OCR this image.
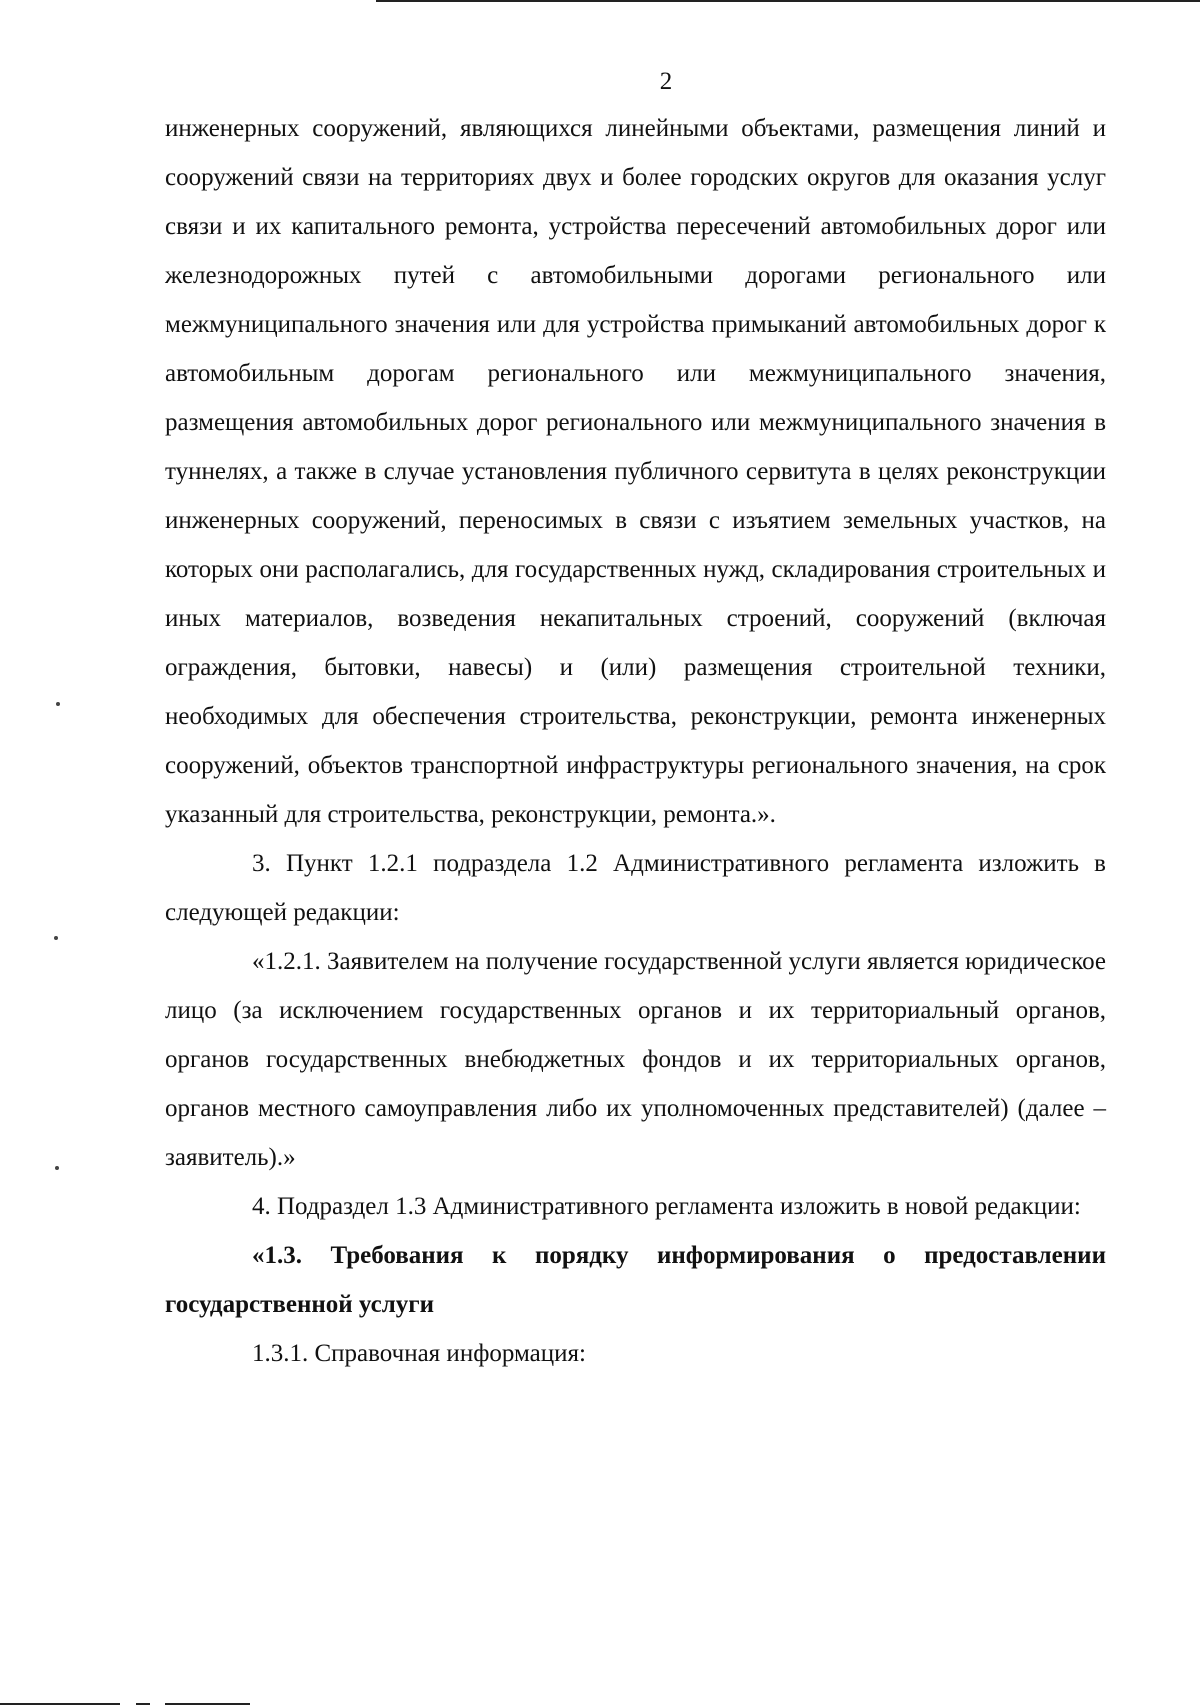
2

инженерных сооружений, являющихся линейными объектами, размещения линий и сооружений связи на территориях двух и более городских округов для оказания услуг связи и их капитального ремонта, устройства пересечений автомобильных дорог или железнодорожных путей с автомобильными дорогами регионального или межмуниципального значения или для устройства примыканий автомобильных дорог к автомобильным дорогам регионального или межмуниципального значения, размещения автомобильных дорог регионального или межмуниципального значения в туннелях, а также в случае установления публичного сервитута в целях реконструкции инженерных сооружений, переносимых в связи с изъятием земельных участков, на которых они располагались, для государственных нужд, складирования строительных и иных материалов, возведения некапитальных строений, сооружений (включая ограждения, бытовки, навесы) и (или) размещения строительной техники, необходимых для обеспечения строительства, реконструкции, ремонта инженерных сооружений, объектов транспортной инфраструктуры регионального значения, на срок указанный для строительства, реконструкции, ремонта.».

3. Пункт 1.2.1 подраздела 1.2 Административного регламента изложить в следующей редакции:

«1.2.1. Заявителем на получение государственной услуги является юридическое лицо (за исключением государственных органов и их территориальный органов, органов государственных внебюджетных фондов и их территориальных органов, органов местного самоуправления либо их уполномоченных представителей) (далее – заявитель).»

4. Подраздел 1.3 Административного регламента изложить в новой редакции:

«1.3. Требования к порядку информирования о предоставлении государственной услуги

1.3.1. Справочная информация:
